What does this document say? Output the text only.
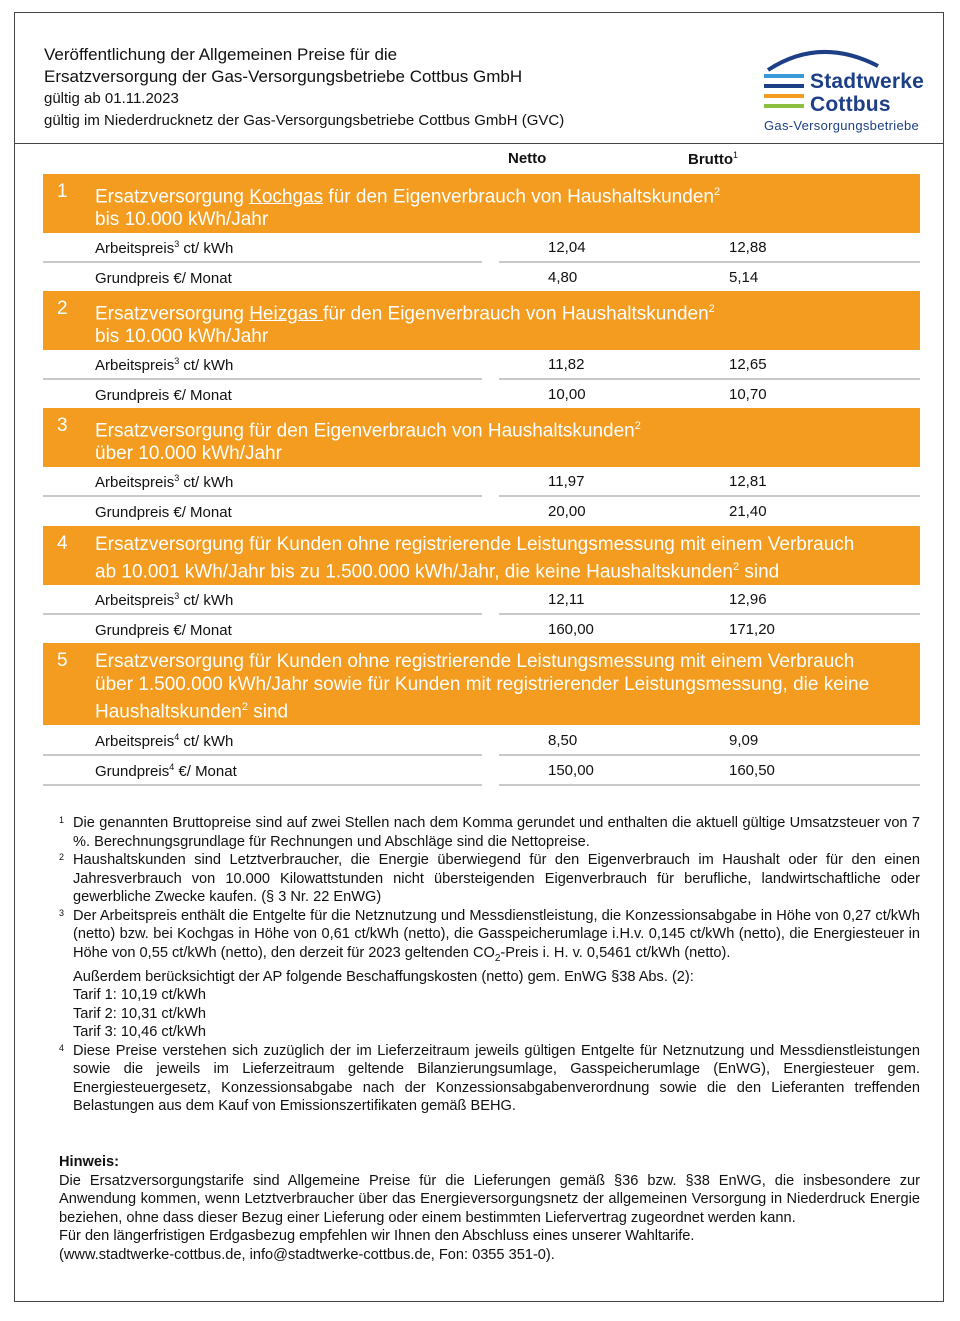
Veröffentlichung der Allgemeinen Preise für die
Ersatzversorgung der Gas-Versorgungsbetriebe Cottbus GmbH
gültig ab 01.11.2023
gültig im Niederdrucknetz der Gas-Versorgungsbetriebe Cottbus GmbH (GVC)
Stadtwerke
Cottbus
Gas-Versorgungsbetriebe
Netto	Brutto$^1$
1 Ersatzversorgung Kochgas für den Eigenverbrauch von Haushaltskunden$^2$
bis 10.000 kWh/Jahr
Arbeitspreis$^3$ ct/ kWh	12,04	12,88
Grundpreis €/ Monat	4,80	5,14
2 Ersatzversorgung Heizgas für den Eigenverbrauch von Haushaltskunden$^2$
bis 10.000 kWh/Jahr
Arbeitspreis$^3$ ct/ kWh	11,82	12,65
Grundpreis €/ Monat	10,00	10,70
3 Ersatzversorgung für den Eigenverbrauch von Haushaltskunden$^2$
über 10.000 kWh/Jahr
Arbeitspreis$^3$ ct/ kWh	11,97	12,81
Grundpreis €/ Monat	20,00	21,40
4 Ersatzversorgung für Kunden ohne registrierende Leistungsmessung mit einem Verbrauch
ab 10.001 kWh/Jahr bis zu 1.500.000 kWh/Jahr, die keine Haushaltskunden$^2$ sind
Arbeitspreis$^3$ ct/ kWh	12,11	12,96
Grundpreis €/ Monat	160,00	171,20
5 Ersatzversorgung für Kunden ohne registrierende Leistungsmessung mit einem Verbrauch
über 1.500.000 kWh/Jahr sowie für Kunden mit registrierender Leistungsmessung, die keine
Haushaltskunden$^2$ sind
Arbeitspreis$^4$ ct/ kWh	8,50	9,09
Grundpreis$^4$ €/ Monat	150,00	160,50
1 Die genannten Bruttopreise sind auf zwei Stellen nach dem Komma gerundet und enthalten die aktuell gültige Umsatzsteuer von 7 %. Berechnungsgrundlage für Rechnungen und Abschläge sind die Nettopreise.

2 Haushaltskunden sind Letztverbraucher, die Energie überwiegend für den Eigenverbrauch im Haushalt oder für den einen Jahresverbrauch von 10.000 Kilowattstunden nicht übersteigenden Eigenverbrauch für berufliche, landwirtschaftliche oder gewerbliche Zwecke kaufen. (§ 3 Nr. 22 EnWG)

3 Der Arbeitspreis enthält die Entgelte für die Netznutzung und Messdienstleistung, die Konzessionsabgabe in Höhe von 0,27 ct/kWh (netto) bzw. bei Kochgas in Höhe von 0,61 ct/kWh (netto), die Gasspeicherumlage i.H.v. 0,145 ct/kWh (netto), die Energiesteuer in Höhe von 0,55 ct/kWh (netto), den derzeit für 2023 geltenden $CO_2$-Preis i. H. v. 0,5461 ct/kWh (netto).

Außerdem berücksichtigt der AP folgende Beschaffungskosten (netto) gem. EnWG §38 Abs. (2):

Tarif 1: 10,19 ct/kWh

Tarif 2: 10,31 ct/kWh

Tarif 3: 10,46 ct/kWh

4 Diese Preise verstehen sich zuzüglich der im Lieferzeitraum jeweils gültigen Entgelte für Netznutzung und Messdienstleistungen sowie die jeweils im Lieferzeitraum geltende Bilanzierungsumlage, Gasspeicherumlage (EnWG), Energiesteuer gem. Energiesteuergesetz, Konzessionsabgabe nach der Konzessionsabgabenverordnung sowie die den Lieferanten treffenden Belastungen aus dem Kauf von Emissionszertifikaten gemäß BEHG.

Hinweis:

Die Ersatzversorgungstarife sind Allgemeine Preise für die Lieferungen gemäß §36 bzw. §38 EnWG, die insbesondere zur Anwendung kommen, wenn Letztverbraucher über das Energieversorgungsnetz der allgemeinen Versorgung in Niederdruck Energie beziehen, ohne dass dieser Bezug einer Lieferung oder einem bestimmten Liefervertrag zugeordnet werden kann.

Für den längerfristigen Erdgasbezug empfehlen wir Ihnen den Abschluss eines unserer Wahltarife.

(www.stadtwerke-cottbus.de, info@stadtwerke-cottbus.de, Fon: 0355 351-0).
